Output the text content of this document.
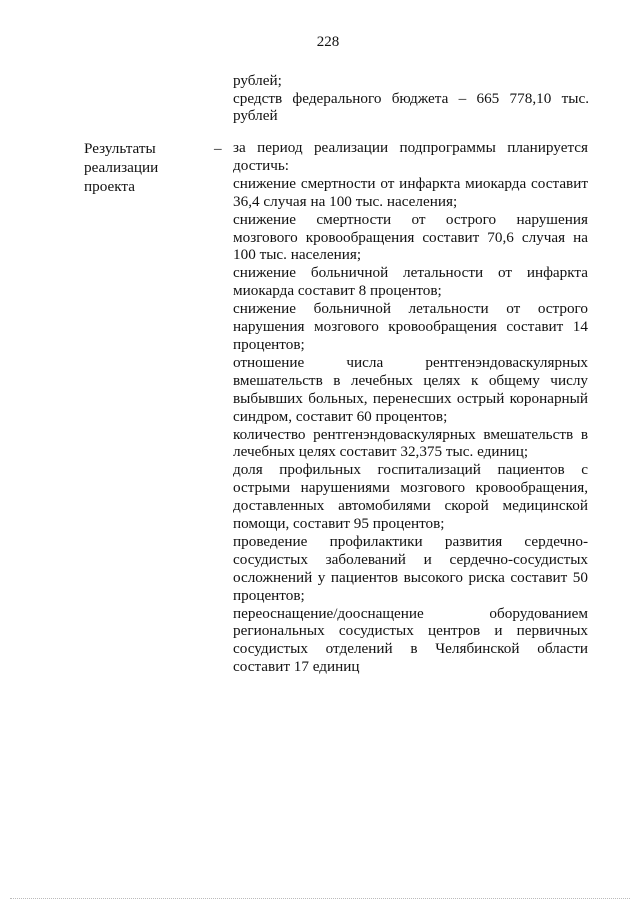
228
рублей;
средств федерального бюджета – 665 778,10 тыс.
рублей
Результаты реализации проекта
– за период реализации подпрограммы планируется достичь:

снижение смертности от инфаркта миокарда составит 36,4 случая на 100 тыс. населения;

снижение смертности от острого нарушения мозгового кровообращения составит 70,6 случая на 100 тыс. населения;

снижение больничной летальности от инфаркта миокарда составит 8 процентов;

снижение больничной летальности от острого нарушения мозгового кровообращения составит 14 процентов;

отношение числа рентгенэндоваскулярных вмешательств в лечебных целях к общему числу выбывших больных, перенесших острый коронарный синдром, составит 60 процентов;

количество рентгенэндоваскулярных вмешательств в лечебных целях составит 32,375 тыс. единиц;

доля профильных госпитализаций пациентов с острыми нарушениями мозгового кровообращения, доставленных автомобилями скорой медицинской помощи, составит 95 процентов;

проведение профилактики развития сердечно-сосудистых заболеваний и сердечно-сосудистых осложнений у пациентов высокого риска составит 50 процентов;

переоснащение/дооснащение оборудованием региональных сосудистых центров и первичных сосудистых отделений в Челябинской области составит 17 единиц
